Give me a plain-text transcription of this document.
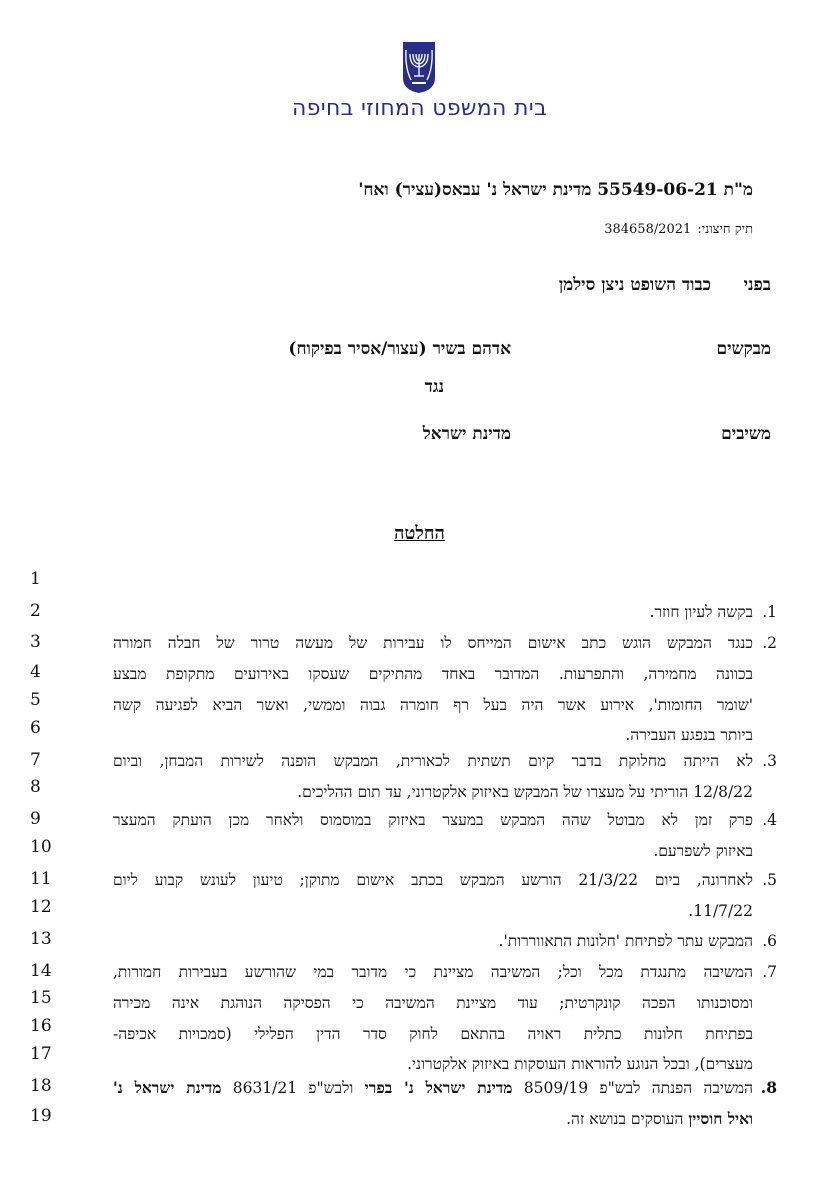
בית המשפט המחוזי בחיפה
מ"ת 55549-06-21 מדינת ישראל נ' עבאס(עציר) ואח'
תיק חיצוני:384658/2021
בפני
כבוד השופט ניצן סילמן
מבקשים
אדהם בשיר (עצור/אסיר בפיקוח)
נגד
משיבים
מדינת ישראל
החלטה
1
2
3
4
5
6
7
8
9
10
11
12
13
14
15
16
17
18
19
1.
בקשה לעיון חוזר.
2.
כנגד המבקש הוגש כתב אישום המייחס לו עבירות של מעשה טרור של חבלה חמורה
בכוונה מחמירה, והתפרעות. המדובר באחד מהתיקים שעסקו באירועים מתקופת מבצע
'שומר החומות', אירוע אשר היה בעל רף חומרה גבוה וממשי, ואשר הביא לפגיעה קשה
ביותר בנפגע העבירה.
3.
לא הייתה מחלוקת בדבר קיום תשתית לכאורית, המבקש הופנה לשירות המבחן, וביום
12/8/22 הוריתי על מעצרו של המבקש באיזוק אלקטרוני, עד תום ההליכים.
4.
פרק זמן לא מבוטל שהה המבקש במעצר באיזוק במוסמוס ולאחר מכן הועתק המעצר
באיזוק לשפרעם.
5.
לאחרונה, ביום 21/3/22 הורשע המבקש בכתב אישום מתוקן; טיעון לעונש קבוע ליום
11/7/22.
6.
המבקש עתר לפתיחת 'חלונות התאווררות'.
7.
המשיבה מתנגדת מכל וכל; המשיבה מציינת כי מדובר במי שהורשע בעבירות חמורות,
ומסוכנותו הפכה קונקרטית; עוד מציינת המשיבה כי הפסיקה הנוהגת אינה מכירה
בפתיחת חלונות כתלית ראויה בהתאם לחוק סדר הדין הפלילי (סמכויות אכיפה-
מעצרים), ובכל הנוגע להוראות העוסקות באיזוק אלקטרוני.
8.
המשיבה הפנתה לבש"פ 8509/19 מדינת ישראל נ' בפרי ולבש"פ 8631/21 מדינת ישראל נ'
ואיל חוסיין העוסקים בנושא זה.
